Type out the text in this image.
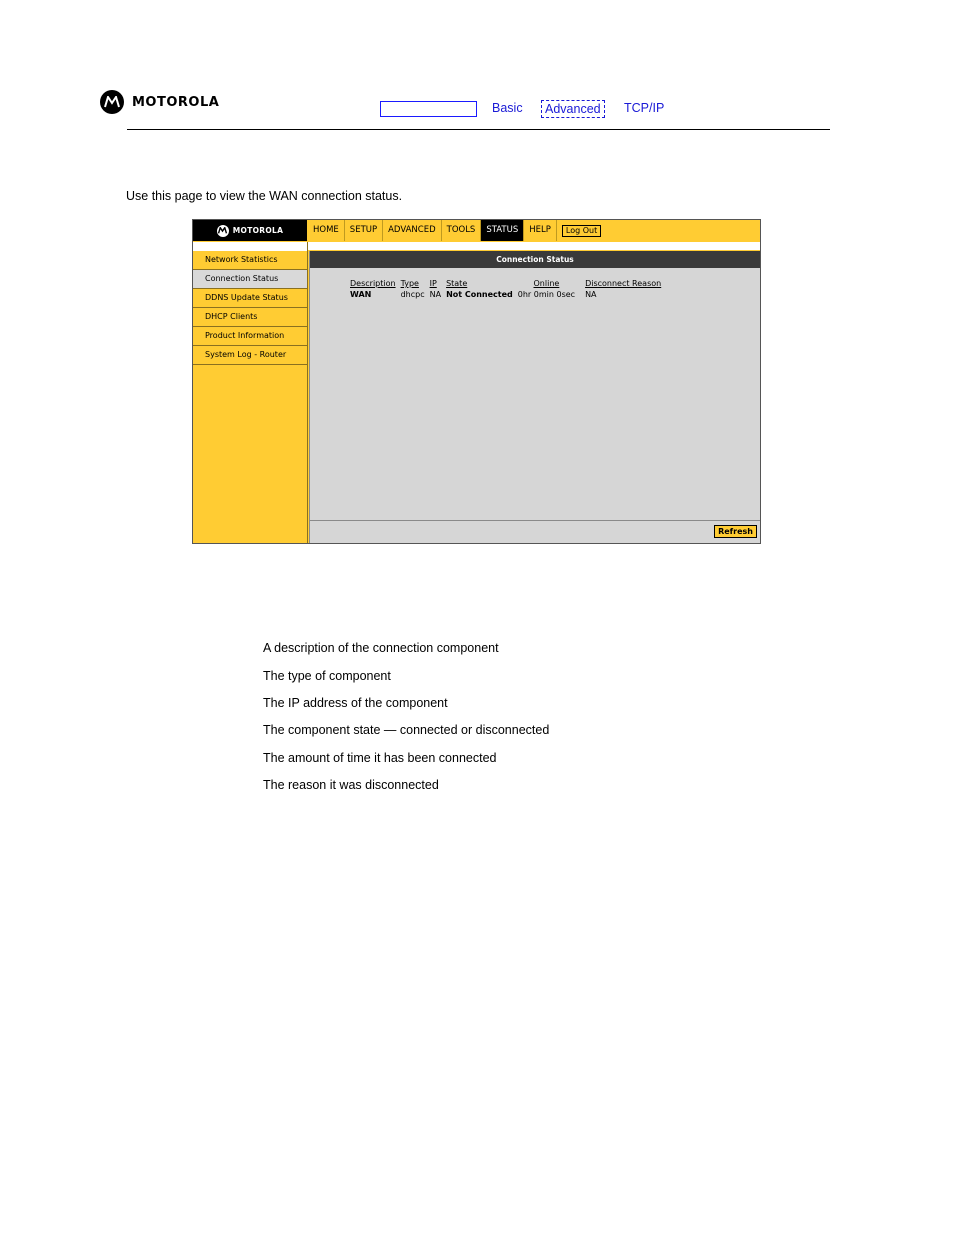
MOTOROLA	Basic	Advanced	TCP/IP
Use this page to view the WAN connection status.
MOTOROLA	HOME	SETUP	ADVANCED	TOOLS	STATUS	HELP	Log Out
Network Statistics
Connection Status
DDNS Update Status
DHCP Clients
Product Information
System Log - Router
Connection Status
Description	Type	IP	State	Online	Disconnect Reason
WAN	dhcpc	NA	Not Connected	0hr 0min 0sec	NA
Refresh
A description of the connection component
The type of component
The IP address of the component
The component state — connected or disconnected
The amount of time it has been connected
The reason it was disconnected
